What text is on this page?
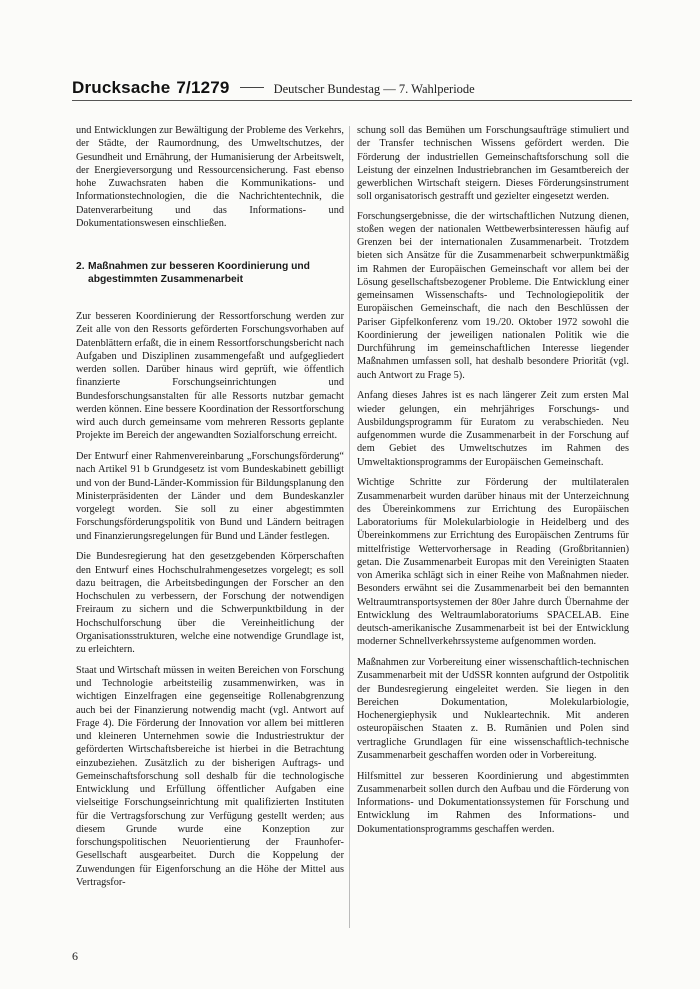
Drucksache 7/1279	Deutscher Bundestag — 7. Wahlperiode

und Entwicklungen zur Bewältigung der Probleme des Verkehrs, der Städte, der Raumordnung, des Umweltschutzes, der Gesundheit und Ernährung, der Humanisierung der Arbeitswelt, der Energieversorgung und Ressourcensicherung. Fast ebenso hohe Zuwachsraten haben die Kommunikations- und Informationstechnologien, die die Nachrichtentechnik, die Datenverarbeitung und das Informations- und Dokumentationswesen einschließen.

2. Maßnahmen zur besseren Koordinierung und abgestimmten Zusammenarbeit

Zur besseren Koordinierung der Ressortforschung werden zur Zeit alle von den Ressorts geförderten Forschungsvorhaben auf Datenblättern erfaßt, die in einem Ressortforschungsbericht nach Aufgaben und Disziplinen zusammengefaßt und aufgegliedert werden sollen. Darüber hinaus wird geprüft, wie öffentlich finanzierte Forschungseinrichtungen und Bundesforschungsanstalten für alle Ressorts nutzbar gemacht werden können. Eine bessere Koordination der Ressortforschung wird auch durch gemeinsame vom mehreren Ressorts geplante Projekte im Bereich der angewandten Sozialforschung erreicht.

Der Entwurf einer Rahmenvereinbarung „Forschungsförderung“ nach Artikel 91 b Grundgesetz ist vom Bundeskabinett gebilligt und von der Bund-Länder-Kommission für Bildungsplanung den Ministerpräsidenten der Länder und dem Bundeskanzler vorgelegt worden. Sie soll zu einer abgestimmten Forschungsförderungspolitik von Bund und Ländern beitragen und Finanzierungsregelungen für Bund und Länder festlegen.

Die Bundesregierung hat den gesetzgebenden Körperschaften den Entwurf eines Hochschulrahmengesetzes vorgelegt; es soll dazu beitragen, die Arbeitsbedingungen der Forscher an den Hochschulen zu verbessern, der Forschung der notwendigen Freiraum zu sichern und die Schwerpunktbildung in der Hochschulforschung über die Vereinheitlichung der Organisationsstrukturen, welche eine notwendige Grundlage ist, zu erleichtern.

Staat und Wirtschaft müssen in weiten Bereichen von Forschung und Technologie arbeitsteilig zusammenwirken, was in wichtigen Einzelfragen eine gegenseitige Rollenabgrenzung auch bei der Finanzierung notwendig macht (vgl. Antwort auf Frage 4). Die Förderung der Innovation vor allem bei mittleren und kleineren Unternehmen sowie die Industriestruktur der geförderten Wirtschaftsbereiche ist hierbei in die Betrachtung einzubeziehen. Zusätzlich zu der bisherigen Auftrags- und Gemeinschaftsforschung soll deshalb für die technologische Entwicklung und Erfüllung öffentlicher Aufgaben eine vielseitige Forschungseinrichtung mit qualifizierten Instituten für die Vertragsforschung zur Verfügung gestellt werden; aus diesem Grunde wurde eine Konzeption zur forschungspolitischen Neuorientierung der Fraunhofer-Gesellschaft ausgearbeitet. Durch die Koppelung der Zuwendungen für Eigenforschung an die Höhe der Mittel aus Vertragsfor-

schung soll das Bemühen um Forschungsaufträge stimuliert und der Transfer technischen Wissens gefördert werden. Die Förderung der industriellen Gemeinschaftsforschung soll die Leistung der einzelnen Industriebranchen im Gesamtbereich der gewerblichen Wirtschaft steigern. Dieses Förderungsinstrument soll organisatorisch gestrafft und gezielter eingesetzt werden.

Forschungsergebnisse, die der wirtschaftlichen Nutzung dienen, stoßen wegen der nationalen Wettbewerbsinteressen häufig auf Grenzen bei der internationalen Zusammenarbeit. Trotzdem bieten sich Ansätze für die Zusammenarbeit schwerpunktmäßig im Rahmen der Europäischen Gemeinschaft vor allem bei der Lösung gesellschaftsbezogener Probleme. Die Entwicklung einer gemeinsamen Wissenschafts- und Technologiepolitik der Europäischen Gemeinschaft, die nach den Beschlüssen der Pariser Gipfelkonferenz vom 19./20. Oktober 1972 sowohl die Koordinierung der jeweiligen nationalen Politik wie die Durchführung im gemeinschaftlichen Interesse liegender Maßnahmen umfassen soll, hat deshalb besondere Priorität (vgl. auch Antwort zu Frage 5).

Anfang dieses Jahres ist es nach längerer Zeit zum ersten Mal wieder gelungen, ein mehrjähriges Forschungs- und Ausbildungsprogramm für Euratom zu verabschieden. Neu aufgenommen wurde die Zusammenarbeit in der Forschung auf dem Gebiet des Umweltschutzes im Rahmen des Umweltaktionsprogramms der Europäischen Gemeinschaft.

Wichtige Schritte zur Förderung der multilateralen Zusammenarbeit wurden darüber hinaus mit der Unterzeichnung des Übereinkommens zur Errichtung des Europäischen Laboratoriums für Molekularbiologie in Heidelberg und des Übereinkommens zur Errichtung des Europäischen Zentrums für mittelfristige Wettervorhersage in Reading (Großbritannien) getan. Die Zusammenarbeit Europas mit den Vereinigten Staaten von Amerika schlägt sich in einer Reihe von Maßnahmen nieder. Besonders erwähnt sei die Zusammenarbeit bei den bemannten Weltraumtransportsystemen der 80er Jahre durch Übernahme der Entwicklung des Weltraumlaboratoriums SPACELAB. Eine deutsch-amerikanische Zusammenarbeit ist bei der Entwicklung moderner Schnellverkehrssysteme aufgenommen worden.

Maßnahmen zur Vorbereitung einer wissenschaftlich-technischen Zusammenarbeit mit der UdSSR konnten aufgrund der Ostpolitik der Bundesregierung eingeleitet werden. Sie liegen in den Bereichen Dokumentation, Molekularbiologie, Hochenergiephysik und Nukleartechnik. Mit anderen osteuropäischen Staaten z. B. Rumänien und Polen sind vertragliche Grundlagen für eine wissenschaftlich-technische Zusammenarbeit geschaffen worden oder in Vorbereitung.

Hilfsmittel zur besseren Koordinierung und abgestimmten Zusammenarbeit sollen durch den Aufbau und die Förderung von Informations- und Dokumentationssystemen für Forschung und Entwicklung im Rahmen des Informations- und Dokumentationsprogramms geschaffen werden.

6
